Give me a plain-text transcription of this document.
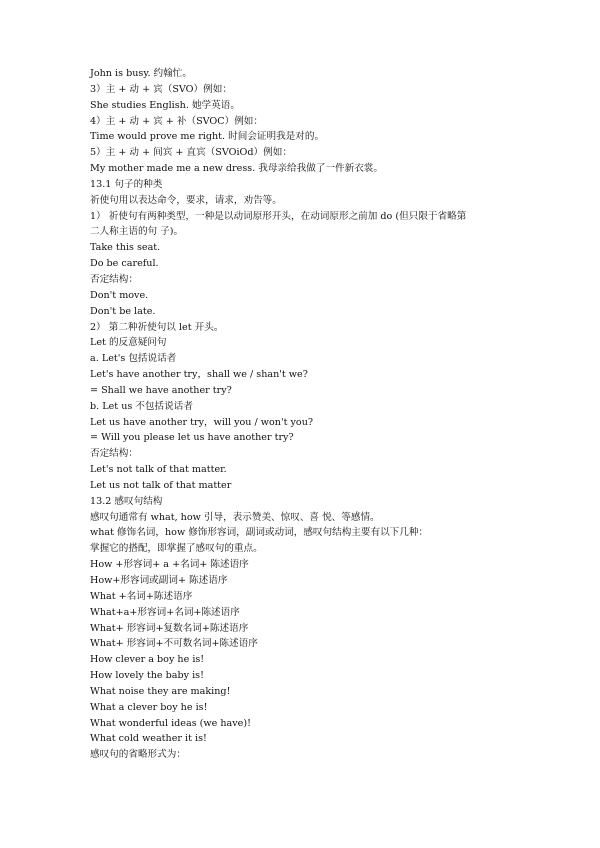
John is busy. 约翰忙。
3）主 + 动 + 宾（SVO）例如：
She studies English. 她学英语。
4）主 + 动 + 宾 + 补（SVOC）例如：
Time would prove me right. 时间会证明我是对的。
5）主 + 动 + 间宾 + 直宾（SVOiOd）例如：
My mother made me a new dress. 我母亲给我做了一件新衣裳。
13.1 句子的种类
祈使句用以表达命令，要求，请求，劝告等。
1） 祈使句有两种类型，一种是以动词原形开头，在动词原形之前加 do (但只限于省略第
二人称主语的句 子)。
Take this seat.
Do be careful.
否定结构：
Don't move.
Don't be late.
2） 第二种祈使句以 let 开头。
Let 的反意疑问句
a. Let's 包括说话者
Let's have another try，shall we / shan't we?
= Shall we have another try?
b. Let us 不包括说话者
Let us have another try，will you / won't you?
= Will you please let us have another try?
否定结构：
Let's not talk of that matter.
Let us not talk of that matter
13.2 感叹句结构
感叹句通常有 what, how 引导，表示赞美、惊叹、喜 悦、等感情。
what 修饰名词，how 修饰形容词，副词或动词，感叹句结构主要有以下几种：
掌握它的搭配，即掌握了感叹句的重点。
How +形容词+ a +名词+ 陈述语序
How+形容词或副词+ 陈述语序
What +名词+陈述语序
What+a+形容词+名词+陈述语序
What+ 形容词+复数名词+陈述语序
What+ 形容词+不可数名词+陈述语序
How clever a boy he is!
How lovely the baby is!
What noise they are making!
What a clever boy he is!
What wonderful ideas (we have)!
What cold weather it is!
感叹句的省略形式为：
